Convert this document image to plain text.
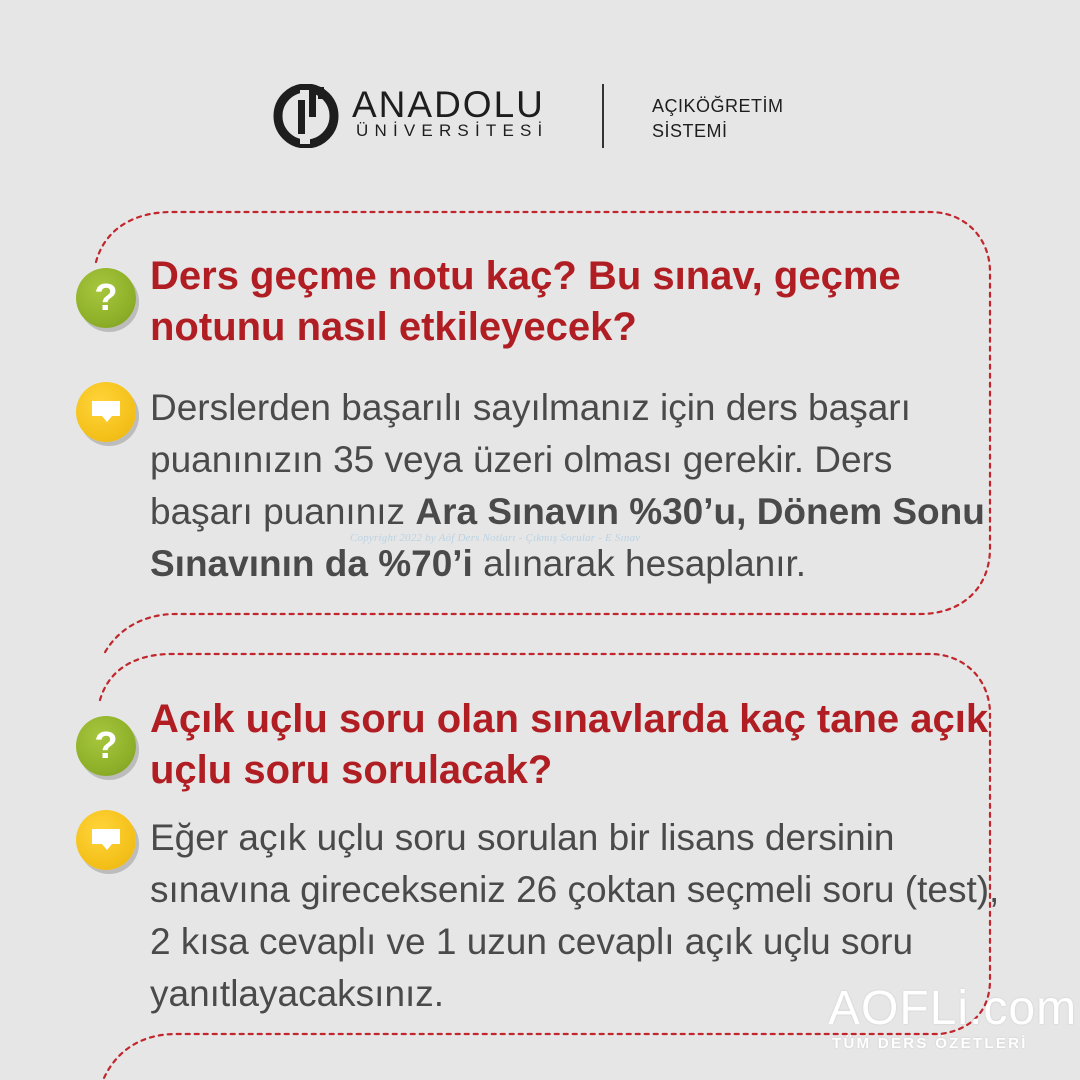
ANADOLU
ÜNİVERSİTESİ
AÇIKÖĞRETİM
SİSTEMİ
? Ders geçme notu kaç? Bu sınav, geçme notunu nasıl etkileyecek?
Derslerden başarılı sayılmanız için ders başarı puanınızın 35 veya üzeri olması gerekir. Ders başarı puanınız Ara Sınavın %30’u, Dönem Sonu Sınavının da %70’i alınarak hesaplanır.
Copyright 2022 by Aöf Ders Notları - Çıkmış Sorular - E Sınav
?
Açık uçlu soru olan sınavlarda kaç tane açık uçlu soru sorulacak?
Eğer açık uçlu soru sorulan bir lisans dersinin sınavına girecekseniz 26 çoktan seçmeli soru (test), 2 kısa cevaplı ve 1 uzun cevaplı açık uçlu soru yanıtlayacaksınız.	AOFLi.com
TÜM DERS ÖZETLERİ
